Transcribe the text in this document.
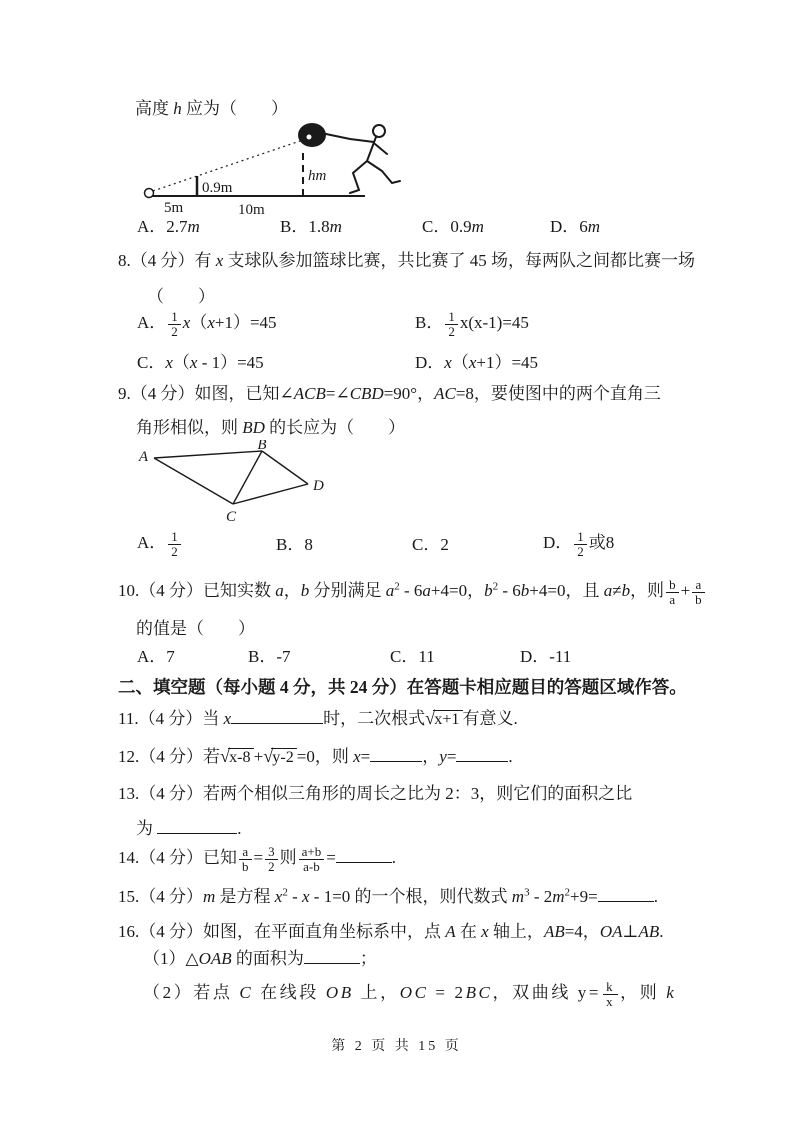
高度 h 应为（　　）
0.9m
5m	10m
hm
A．2.7m	B．1.8m	C．0.9m	D．6m
8.（4 分）有 x 支球队参加篮球比赛，共比赛了 45 场，每两队之间都比赛一场
（　　）
A． $\frac{1}{2} x(x+1)=45$	B． $\frac{1}{2} x(x-1)=45$
C．x（x - 1）=45	D．x（x+1）=45
9.（4 分）如图，已知∠ACB=∠CBD=90°，AC=8，要使图中的两个直角三
角形相似，则 BD 的长应为（　　）
A
B
C
D
A． $\frac{1}{2}$	B．8	C．2	D． $\frac{1}{2}$ 或8
10.（4 分）已知实数 a，b 分别满足 $a^2 - 6a+4=0$，$b^2 - 6b+4=0$，且 a≠b，则 $\frac{b}{a} + \frac{a}{b}$
的值是（　　）
A．7	B．-7	C．11	D．-11
二、填空题（每小题 4 分，共 24 分）在答题卡相应题目的答题区域作答。
11.（4 分）当 x	时，二次根式√x+1 有意义.
12.（4 分）若√x-8 +√y-2 =0，则 x=	，y=	.
13.（4 分）若两个相似三角形的周长之比为 2：3，则它们的面积之比
为	.
14.（4 分）已知 $\frac{a}{b} = \frac{3}{2}$ 则 $\frac{a+b}{a-b}$ =	.
15.（4 分）m 是方程 $x^2 - x - 1=0$ 的一个根，则代数式 $m^3 - 2m^2+9=$	.
16.（4 分）如图，在平面直角坐标系中，点 A 在 x 轴上，AB=4，OA⊥AB.
（1）△OAB 的面积为	；
（2）若点 C 在线段 OB 上，OC = 2BC，双曲线 $y= \frac{k}{x}$ ，则 k
第 2 页 共 15 页
